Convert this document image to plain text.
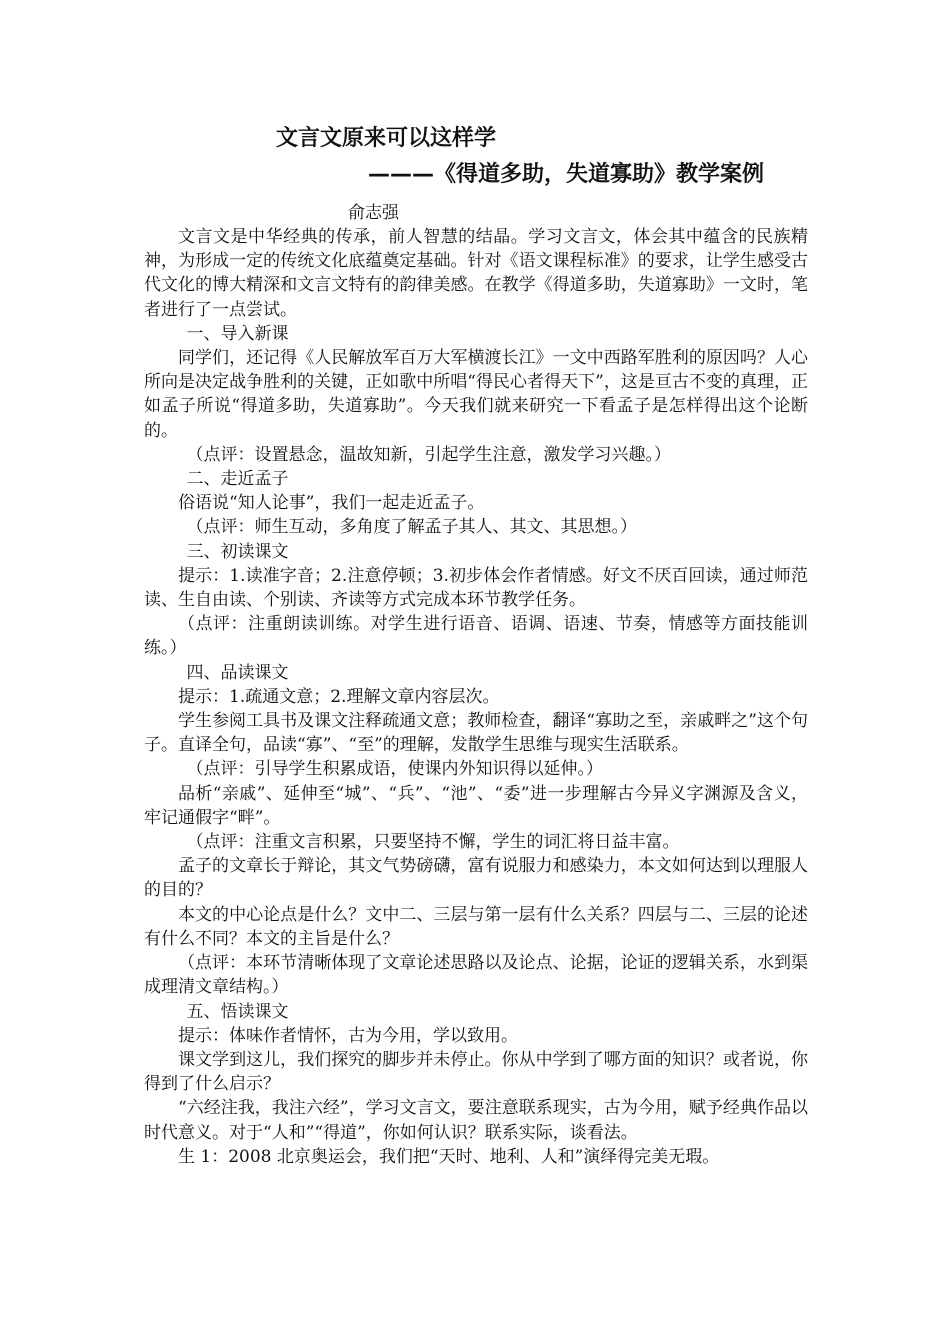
文言文原来可以这样学
———《得道多助，失道寡助》教学案例
俞志强

文言文是中华经典的传承，前人智慧的结晶。学习文言文，体会其中蕴含的民族精神，为形成一定的传统文化底蕴奠定基础。针对《语文课程标准》的要求，让学生感受古代文化的博大精深和文言文特有的韵律美感。在教学《得道多助，失道寡助》一文时，笔者进行了一点尝试。

一、导入新课

同学们，还记得《人民解放军百万大军横渡长江》一文中西路军胜利的原因吗？人心所向是决定战争胜利的关键，正如歌中所唱“得民心者得天下”，这是亘古不变的真理，正如孟子所说“得道多助，失道寡助”。今天我们就来研究一下看孟子是怎样得出这个论断的。

（点评：设置悬念，温故知新，引起学生注意，激发学习兴趣。）

二、走近孟子

俗语说“知人论事”，我们一起走近孟子。

（点评：师生互动，多角度了解孟子其人、其文、其思想。）

三、初读课文

提示：1.读准字音；2.注意停顿；3.初步体会作者情感。好文不厌百回读，通过师范读、生自由读、个别读、齐读等方式完成本环节教学任务。

（点评：注重朗读训练。对学生进行语音、语调、语速、节奏，情感等方面技能训练。）

四、品读课文

提示：1.疏通文意；2.理解文章内容层次。

学生参阅工具书及课文注释疏通文意；教师检查，翻译“寡助之至，亲戚畔之”这个句子。直译全句，品读“寡”、“至”的理解，发散学生思维与现实生活联系。

（点评：引导学生积累成语，使课内外知识得以延伸。）

品析“亲戚”、延伸至“城”、“兵”、“池”、“委”进一步理解古今异义字渊源及含义，牢记通假字“畔”。

（点评：注重文言积累，只要坚持不懈，学生的词汇将日益丰富。

孟子的文章长于辩论，其文气势磅礴，富有说服力和感染力，本文如何达到以理服人的目的？

本文的中心论点是什么？文中二、三层与第一层有什么关系？四层与二、三层的论述有什么不同？本文的主旨是什么？

（点评：本环节清晰体现了文章论述思路以及论点、论据，论证的逻辑关系，水到渠成理清文章结构。）

五、悟读课文

提示：体味作者情怀，古为今用，学以致用。

课文学到这儿，我们探究的脚步并未停止。你从中学到了哪方面的知识？或者说，你得到了什么启示？

“六经注我，我注六经”，学习文言文，要注意联系现实，古为今用，赋予经典作品以时代意义。对于“人和”“得道”，你如何认识？联系实际，谈看法。

生 1：2008 北京奥运会，我们把“天时、地利、人和”演绎得完美无瑕。
